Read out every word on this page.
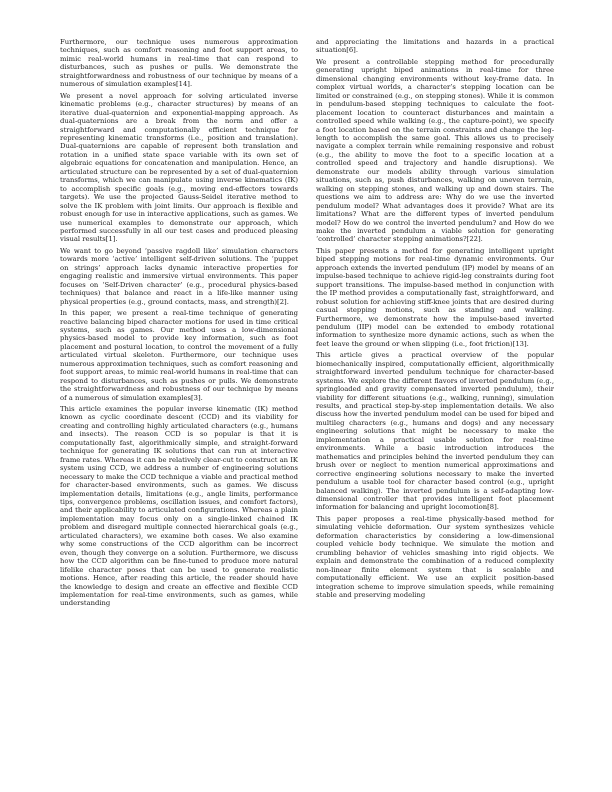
Furthermore, our technique uses numerous approximation techniques, such as comfort reasoning and foot support areas, to mimic real-world humans in real-time that can respond to disturbances, such as pushes or pulls. We demonstrate the straightforwardness and robustness of our technique by means of a numerous of simulation examples[14].

We present a novel approach for solving articulated inverse kinematic problems (e.g., character structures) by means of an iterative dual-quaternion and exponential-mapping approach. As dual-quaternions are a break from the norm and offer a straightforward and computationally efficient technique for representing kinematic transforms (i.e., position and translation). Dual-quaternions are capable of represent both translation and rotation in a unified state space variable with its own set of algebraic equations for concatenation and manipulation. Hence, an articulated structure can be represented by a set of dual-quaternion transforms, which we can manipulate using inverse kinematics (IK) to accomplish specific goals (e.g., moving end-effectors towards targets). We use the projected Gauss-Seidel iterative method to solve the IK problem with joint limits. Our approach is flexible and robust enough for use in interactive applications, such as games. We use numerical examples to demonstrate our approach, which performed successfully in all our test cases and produced pleasing visual results[1].

We want to go beyond ‘passive ragdoll like’ simulation characters towards more ‘active’ intelligent self-driven solutions. The ‘puppet on strings’ approach lacks dynamic interactive properties for engaging realistic and immersive virtual environments. This paper focuses on ‘Self-Driven character’ (e.g., procedural physics-based techniques) that balance and react in a life-like manner using physical properties (e.g., ground contacts, mass, and strength)[2].

In this paper, we present a real-time technique of generating reactive balancing biped character motions for used in time critical systems, such as games. Our method uses a low-dimensional physics-based model to provide key information, such as foot placement and postural location, to control the movement of a fully articulated virtual skeleton. Furthermore, our technique uses numerous approximation techniques, such as comfort reasoning and foot support areas, to mimic real-world humans in real-time that can respond to disturbances, such as pushes or pulls. We demonstrate the straightforwardness and robustness of our technique by means of a numerous of simulation examples[3].

This article examines the popular inverse kinematic (IK) method known as cyclic coordinate descent (CCD) and its viability for creating and controlling highly articulated characters (e.g., humans and insects). The reason CCD is so popular is that it is computationally fast, algorithmically simple, and straight-forward technique for generating IK solutions that can run at interactive frame rates. Whereas it can be relatively clear-cut to construct an IK system using CCD, we address a number of engineering solutions necessary to make the CCD technique a viable and practical method for character-based environments, such as games. We discuss implementation details, limitations (e.g., angle limits, performance tips, convergence problems, oscillation issues, and comfort factors), and their applicability to articulated configurations. Whereas a plain implementation may focus only on a single-linked chained IK problem and disregard multiple connected hierarchical goals (e.g., articulated characters), we examine both cases. We also examine why some constructions of the CCD algorithm can be incorrect even, though they converge on a solution. Furthermore, we discuss how the CCD algorithm can be fine-tuned to produce more natural lifelike character poses that can be used to generate realistic motions. Hence, after reading this article, the reader should have the knowledge to design and create an effective and flexible CCD implementation for real-time environments, such as games, while understanding

and appreciating the limitations and hazards in a practical situation[6].

We present a controllable stepping method for procedurally generating upright biped animations in real-time for three dimensional changing environments without key-frame data. In complex virtual worlds, a character’s stepping location can be limited or constrained (e.g., on stepping stones). While it is common in pendulum-based stepping techniques to calculate the foot-placement location to counteract disturbances and maintain a controlled speed while walking (e.g., the capture-point), we specify a foot location based on the terrain constraints and change the leg-length to accomplish the same goal. This allows us to precisely navigate a complex terrain while remaining responsive and robust (e.g., the ability to move the foot to a specific location at a controlled speed and trajectory and handle disruptions). We demonstrate our models ability through various simulation situations, such as, push disturbances, walking on uneven terrain, walking on stepping stones, and walking up and down stairs. The questions we aim to address are: Why do we use the inverted pendulum model? What advantages does it provide? What are its limitations? What are the different types of inverted pendulum model? How do we control the inverted pendulum? and How do we make the inverted pendulum a viable solution for generating ‘controlled’ character stepping animations?[22].

This paper presents a method for generating intelligent upright biped stepping motions for real-time dynamic environments. Our approach extends the inverted pendulum (IP) model by means of an impulse-based technique to achieve rigid-leg constraints during foot support transitions. The impulse-based method in conjunction with the IP method provides a computationally fast, straightforward, and robust solution for achieving stiff-knee joints that are desired during casual stepping motions, such as standing and walking. Furthermore, we demonstrate how the impulse-based inverted pendulum (IIP) model can be extended to embody rotational information to synthesize more dynamic actions, such as when the feet leave the ground or when slipping (i.e., foot friction)[13].

This article gives a practical overview of the popular biomechanically inspired, computationally efficient, algorithmically straightforward inverted pendulum technique for character-based systems. We explore the different flavors of inverted pendulum (e.g., springloaded and gravity compensated inverted pendulum), their viability for different situations (e.g., walking, running), simulation results, and practical step-by-step implementation details. We also discuss how the inverted pendulum model can be used for biped and multileg characters (e.g., humans and dogs) and any necessary engineering solutions that might be necessary to make the implementation a practical usable solution for real-time environments. While a basic introduction introduces the mathematics and principles behind the inverted pendulum they can brush over or neglect to mention numerical approximations and corrective engineering solutions necessary to make the inverted pendulum a usable tool for character based control (e.g., upright balanced walking). The inverted pendulum is a self-adapting low-dimensional controller that provides intelligent foot placement information for balancing and upright locomotion[8].

This paper proposes a real-time physically-based method for simulating vehicle deformation. Our system synthesizes vehicle deformation characteristics by considering a low-dimensional coupled vehicle body technique. We simulate the motion and crumbling behavior of vehicles smashing into rigid objects. We explain and demonstrate the combination of a reduced complexity non-linear finite element system that is scalable and computationally efficient. We use an explicit position-based integration scheme to improve simulation speeds, while remaining stable and preserving modeling
